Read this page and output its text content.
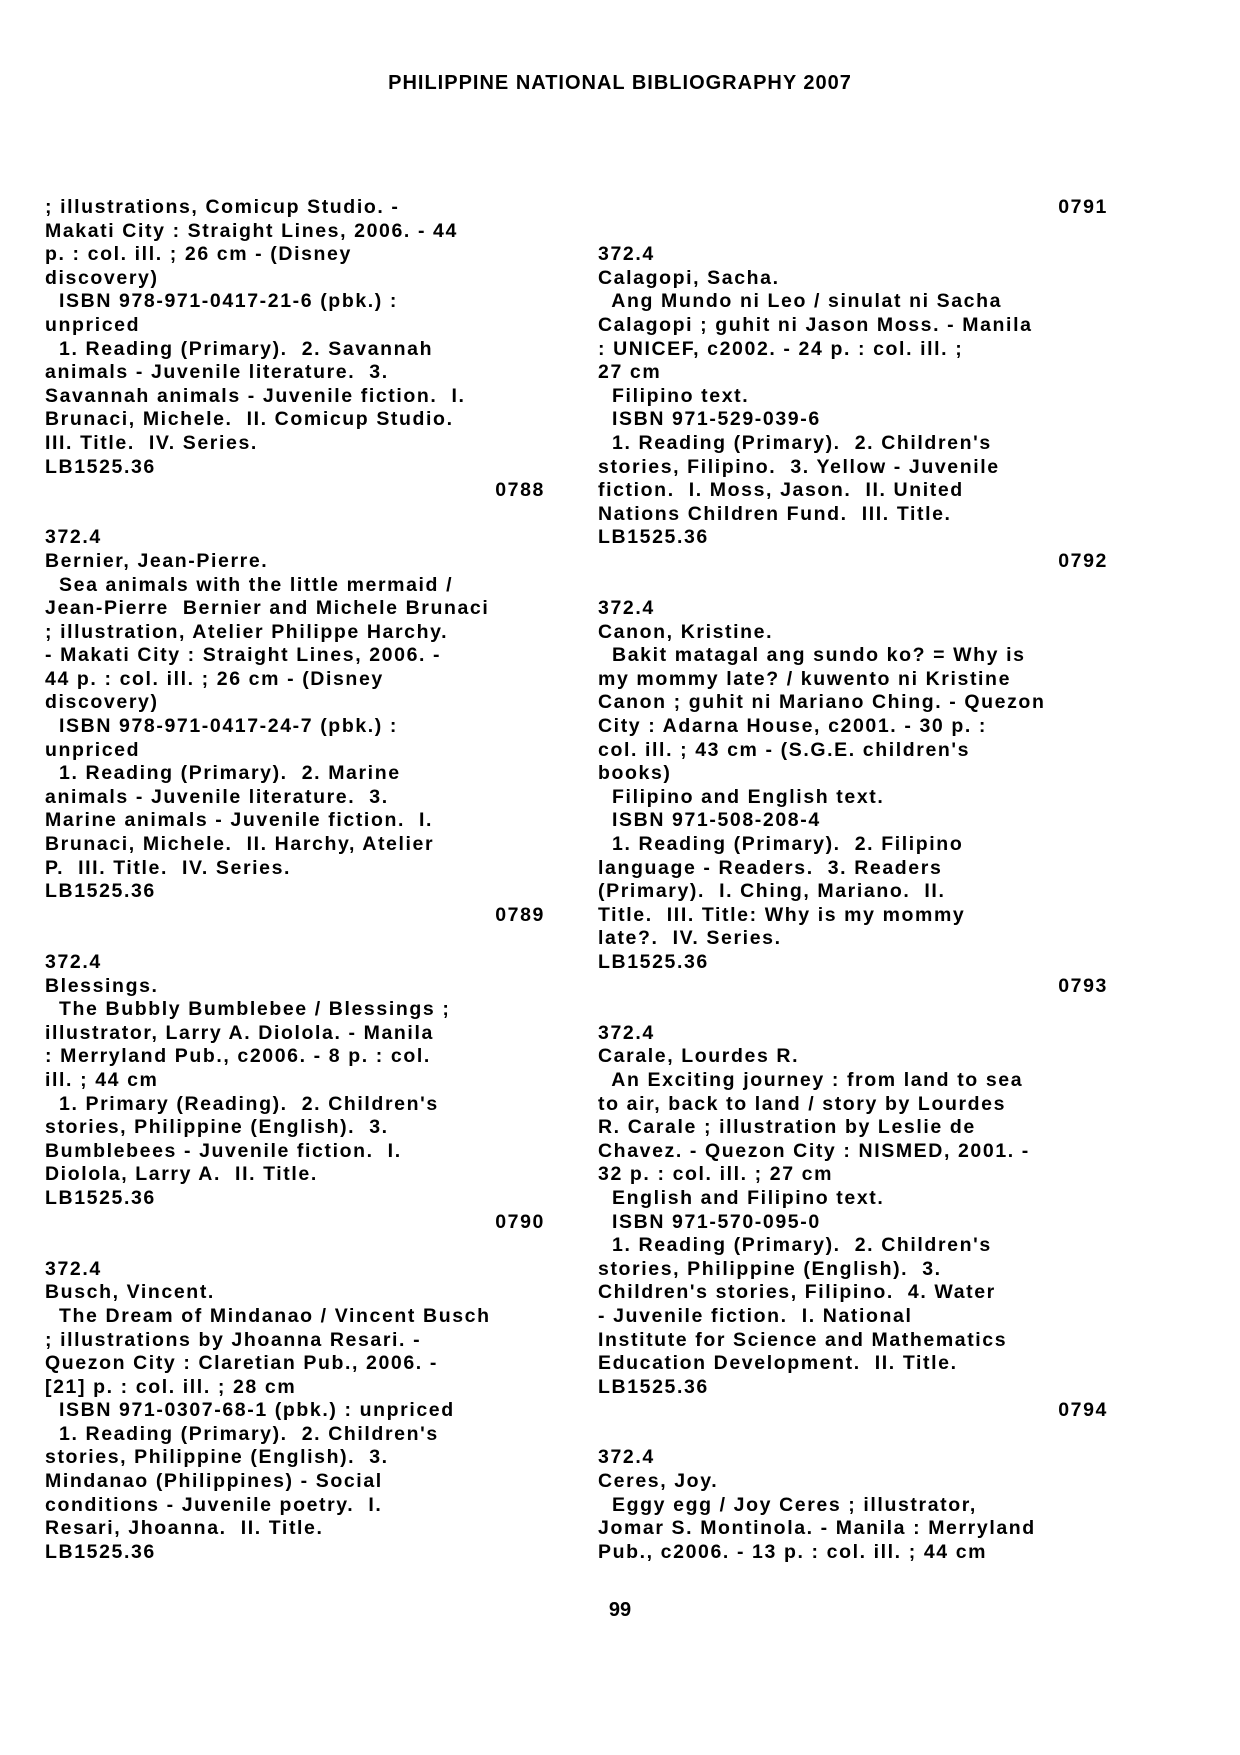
PHILIPPINE NATIONAL BIBLIOGRAPHY 2007
; illustrations, Comicup Studio. -
Makati City : Straight Lines, 2006. - 44
p. : col. ill. ; 26 cm - (Disney
discovery)
ISBN 978-971-0417-21-6 (pbk.) :
unpriced
1. Reading (Primary).  2. Savannah
animals - Juvenile literature.  3.
Savannah animals - Juvenile fiction.  I.
Brunaci, Michele.  II. Comicup Studio.
III. Title.  IV. Series.
LB1525.36
0788
372.4
Bernier, Jean-Pierre.
Sea animals with the little mermaid /
Jean-Pierre  Bernier and Michele Brunaci
; illustration, Atelier Philippe Harchy.
- Makati City : Straight Lines, 2006. -
44 p. : col. ill. ; 26 cm - (Disney
discovery)
ISBN 978-971-0417-24-7 (pbk.) :
unpriced
1. Reading (Primary).  2. Marine
animals - Juvenile literature.  3.
Marine animals - Juvenile fiction.  I.
Brunaci, Michele.  II. Harchy, Atelier
P.  III. Title.  IV. Series.
LB1525.36
0789
372.4
Blessings.
The Bubbly Bumblebee / Blessings ;
illustrator, Larry A. Diolola. - Manila
: Merryland Pub., c2006. - 8 p. : col.
ill. ; 44 cm
1. Primary (Reading).  2. Children's
stories, Philippine (English).  3.
Bumblebees - Juvenile fiction.  I.
Diolola, Larry A.  II. Title.
LB1525.36
0790
372.4
Busch, Vincent.
The Dream of Mindanao / Vincent Busch
; illustrations by Jhoanna Resari. -
Quezon City : Claretian Pub., 2006. -
[21] p. : col. ill. ; 28 cm
ISBN 971-0307-68-1 (pbk.) : unpriced
1. Reading (Primary).  2. Children's
stories, Philippine (English).  3.
Mindanao (Philippines) - Social
conditions - Juvenile poetry.  I.
Resari, Jhoanna.  II. Title.
LB1525.36
0791
372.4
Calagopi, Sacha.
Ang Mundo ni Leo / sinulat ni Sacha
Calagopi ; guhit ni Jason Moss. - Manila
: UNICEF, c2002. - 24 p. : col. ill. ;
27 cm
Filipino text.
ISBN 971-529-039-6
1. Reading (Primary).  2. Children's
stories, Filipino.  3. Yellow - Juvenile
fiction.  I. Moss, Jason.  II. United
Nations Children Fund.  III. Title.
LB1525.36
0792
372.4
Canon, Kristine.
Bakit matagal ang sundo ko? = Why is
my mommy late? / kuwento ni Kristine
Canon ; guhit ni Mariano Ching. - Quezon
City : Adarna House, c2001. - 30 p. :
col. ill. ; 43 cm - (S.G.E. children's
books)
Filipino and English text.
ISBN 971-508-208-4
1. Reading (Primary).  2. Filipino
language - Readers.  3. Readers
(Primary).  I. Ching, Mariano.  II.
Title.  III. Title: Why is my mommy
late?.  IV. Series.
LB1525.36
0793
372.4
Carale, Lourdes R.
An Exciting journey : from land to sea
to air, back to land / story by Lourdes
R. Carale ; illustration by Leslie de
Chavez. - Quezon City : NISMED, 2001. -
32 p. : col. ill. ; 27 cm
English and Filipino text.
ISBN 971-570-095-0
1. Reading (Primary).  2. Children's
stories, Philippine (English).  3.
Children's stories, Filipino.  4. Water
- Juvenile fiction.  I. National
Institute for Science and Mathematics
Education Development.  II. Title.
LB1525.36
0794
372.4
Ceres, Joy.
Eggy egg / Joy Ceres ; illustrator,
Jomar S. Montinola. - Manila : Merryland
Pub., c2006. - 13 p. : col. ill. ; 44 cm
99
